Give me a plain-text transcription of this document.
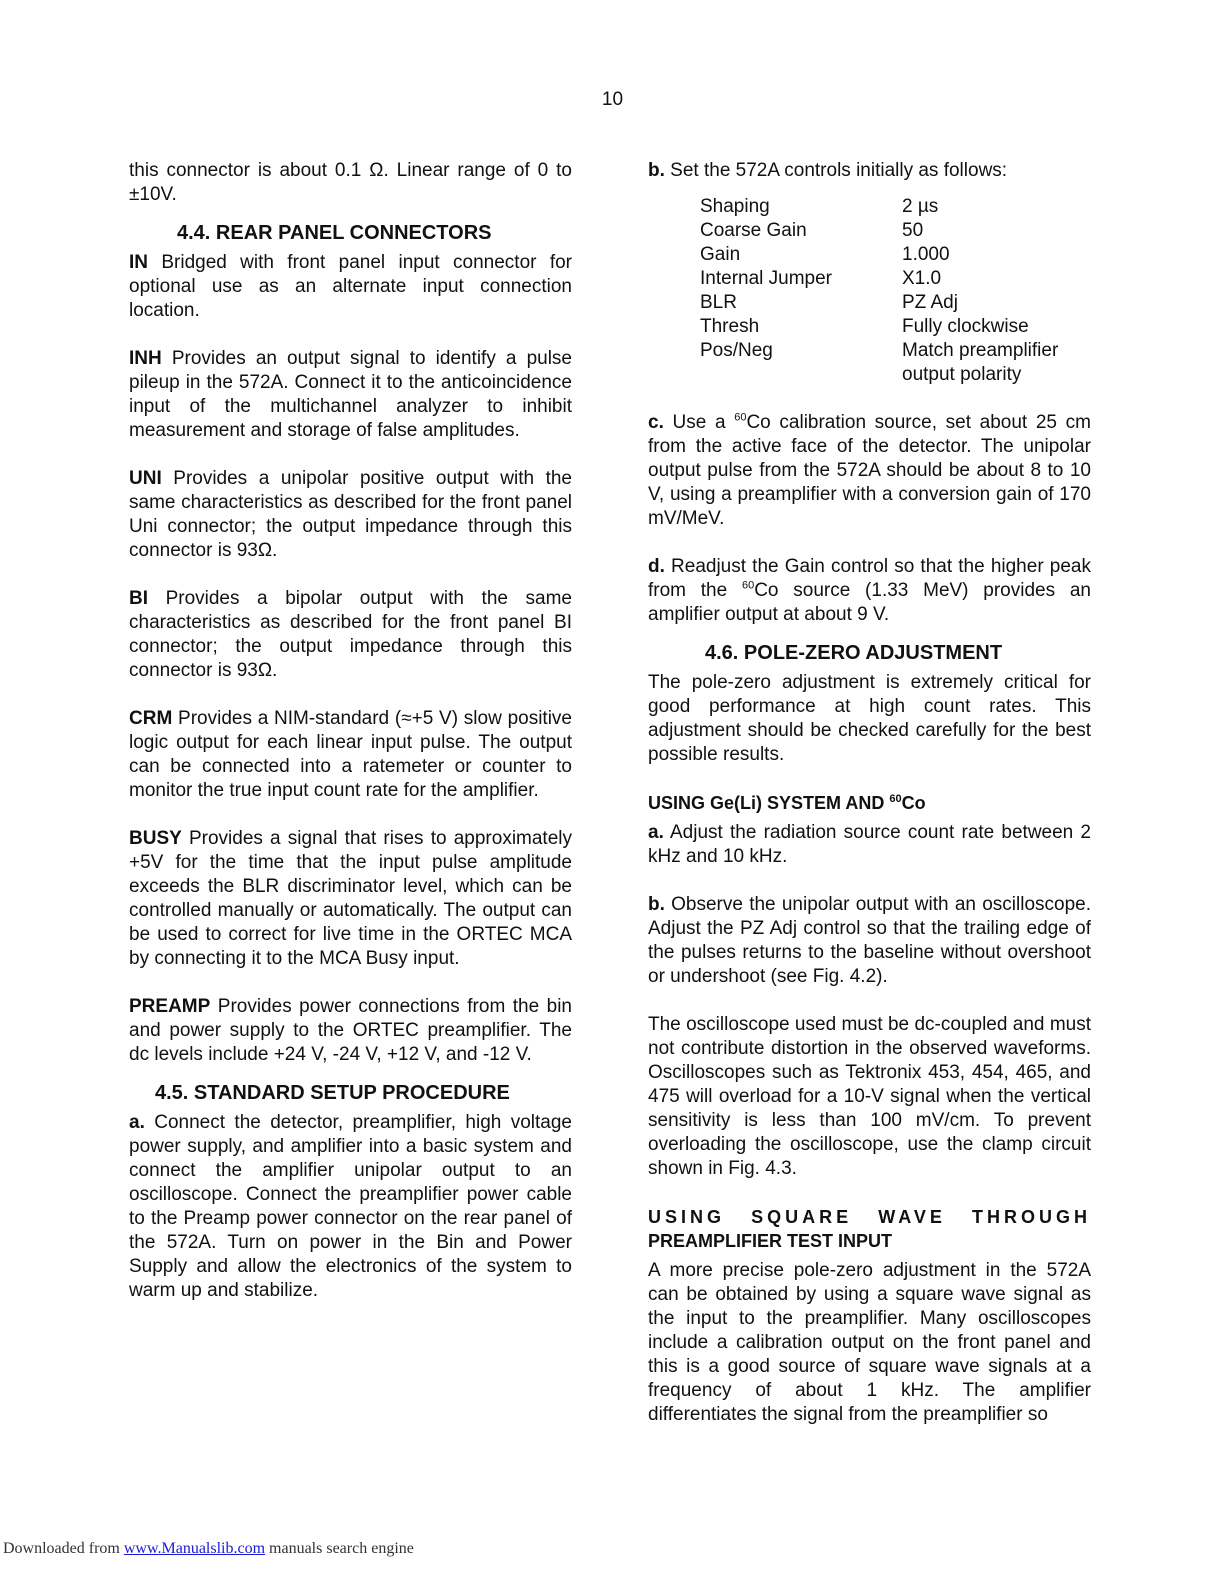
10

this connector is about 0.1 Ω. Linear range of 0 to ±10V.

4.4. REAR PANEL CONNECTORS

IN Bridged with front panel input connector for optional use as an alternate input connection location.

INH Provides an output signal to identify a pulse pileup in the 572A. Connect it to the anticoincidence input of the multichannel analyzer to inhibit measurement and storage of false amplitudes.

UNI Provides a unipolar positive output with the same characteristics as described for the front panel Uni connector; the output impedance through this connector is 93Ω.

BI Provides a bipolar output with the same characteristics as described for the front panel BI connector; the output impedance through this connector is 93Ω.

CRM Provides a NIM-standard (≈+5 V) slow positive logic output for each linear input pulse. The output can be connected into a ratemeter or counter to monitor the true input count rate for the amplifier.

BUSY Provides a signal that rises to approximately +5V for the time that the input pulse amplitude exceeds the BLR discriminator level, which can be controlled manually or automatically. The output can be used to correct for live time in the ORTEC MCA by connecting it to the MCA Busy input.

PREAMP Provides power connections from the bin and power supply to the ORTEC preamplifier. The dc levels include +24 V, -24 V, +12 V, and -12 V.

4.5. STANDARD SETUP PROCEDURE

a. Connect the detector, preamplifier, high voltage power supply, and amplifier into a basic system and connect the amplifier unipolar output to an oscilloscope. Connect the preamplifier power cable to the Preamp power connector on the rear panel of the 572A. Turn on power in the Bin and Power Supply and allow the electronics of the system to warm up and stabilize.

b. Set the 572A controls initially as follows:

Shaping	2 µs
Coarse Gain	50
Gain	1.000
Internal Jumper	X1.0
BLR	PZ Adj
Thresh	Fully clockwise
Pos/Neg	Match preamplifier
	output polarity

c. Use a $^{60}$Co calibration source, set about 25 cm from the active face of the detector. The unipolar output pulse from the 572A should be about 8 to 10 V, using a preamplifier with a conversion gain of 170 mV/MeV.

d. Readjust the Gain control so that the higher peak from the $^{60}$Co source (1.33 MeV) provides an amplifier output at about 9 V.

4.6. POLE-ZERO ADJUSTMENT

The pole-zero adjustment is extremely critical for good performance at high count rates. This adjustment should be checked carefully for the best possible results.

USING Ge(Li) SYSTEM AND $^{60}$Co

a. Adjust the radiation source count rate between 2 kHz and 10 kHz.

b. Observe the unipolar output with an oscilloscope. Adjust the PZ Adj control so that the trailing edge of the pulses returns to the baseline without overshoot or undershoot (see Fig. 4.2).

The oscilloscope used must be dc-coupled and must not contribute distortion in the observed waveforms. Oscilloscopes such as Tektronix 453, 454, 465, and 475 will overload for a 10-V signal when the vertical sensitivity is less than 100 mV/cm. To prevent overloading the oscilloscope, use the clamp circuit shown in Fig. 4.3.

USING SQUARE WAVE THROUGH
PREAMPLIFIER TEST INPUT

A more precise pole-zero adjustment in the 572A can be obtained by using a square wave signal as the input to the preamplifier. Many oscilloscopes include a calibration output on the front panel and this is a good source of square wave signals at a frequency of about 1 kHz. The amplifier differentiates the signal from the preamplifier so

Downloaded from www.Manualslib.com manuals search engine
